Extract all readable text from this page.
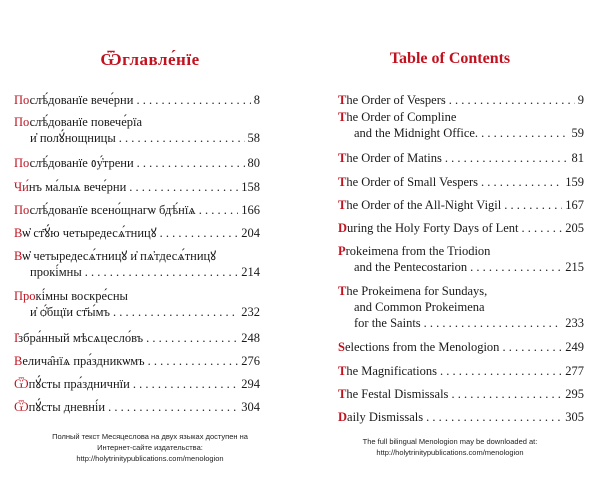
Ѿглавле́нїе
Послѣ́дованїе вече́рни . . .	8
Послѣ́дованїе повече́рїа
и҆ полꙋ́нощницы . . .	58
Послѣ́дованїе ᲂу҆́трени . . .	80
Чи́нъ ма́лыѧ вече́рни . . .	158
Послѣ́дованїе всено́щнагѡ бдѣ́нїѧ . . .	166
Вѡ҆ ст҃ꙋ́ю четыредесѧ́тницꙋ . . .	204
Вѡ҆ четыредесѧ́тницꙋ и҆ пѧ҆тдесѧ́тницꙋ
прокі́мны . . .	214
Прокі́мны воскре́сны
и҆ ѻ҆́бщїи ст҃ы́мъ . . .	232
І҆збра́нный мѣсѧцесло́въ . . .	248
Велича̑нїѧ пра́здникѡмъ . . .	276
Ѿпꙋ́сты пра́здничнїи . . .	294
Ѿпꙋ́сты дневні́и . . .	304
Полный текст Месяцеслова на двух языках доступен на
Интернет-сайте издательства:
http://holytrinitypublications.com/menologion
Table of Contents
The Order of Vespers . . .	9
The Order of Compline
and the Midnight Office. . . .	59
The Order of Matins . . .	81
The Order of Small Vespers . . .	159
The Order of the All-Night Vigil . . .	167
During the Holy Forty Days of Lent . . .	205
Prokeimena from the Triodion
and the Pentecostarion . . .	215
The Prokeimena for Sundays,
and Common Prokeimena
for the Saints . . .	233
Selections from the Menologion . . .	249
The Magnifications . . .	277
The Festal Dismissals . . .	295
Daily Dismissals . . .	305
The full bilingual Menologion may be downloaded at:
http://holytrinitypublications.com/menologion
